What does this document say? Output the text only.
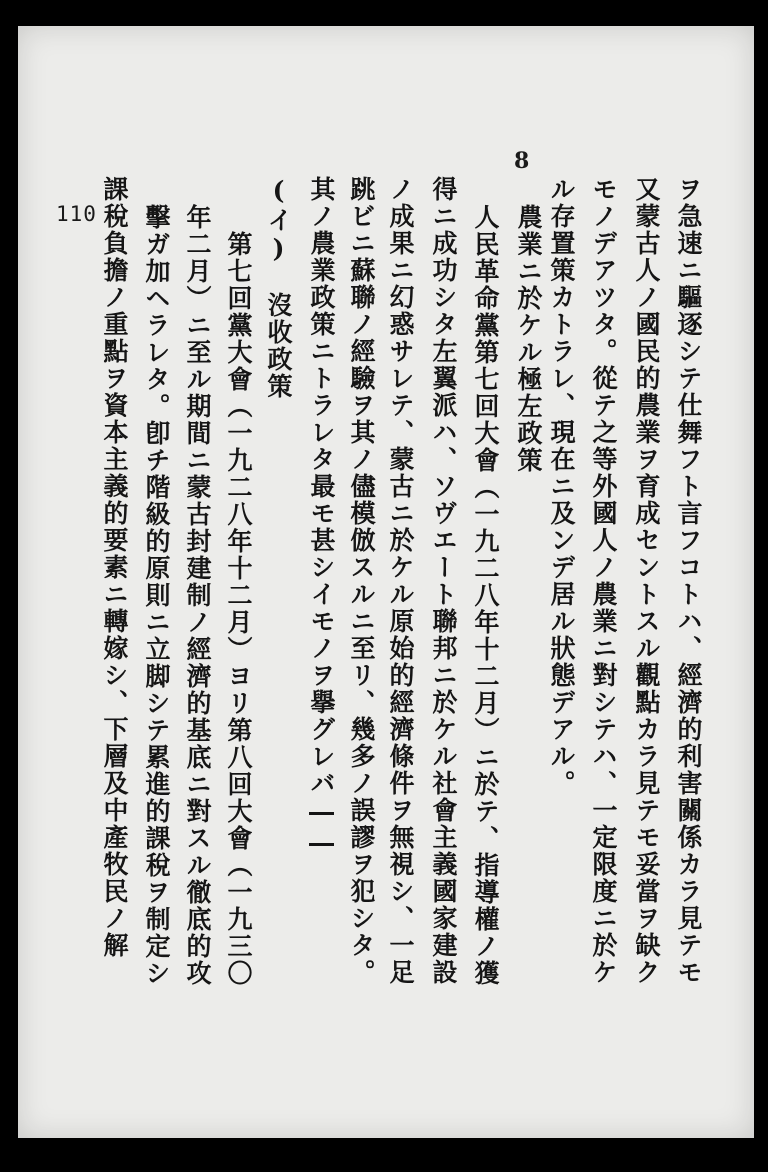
8
110	ヲ急速ニ驅逐シテ仕舞フト言フコトハ、經濟的利害關係カラ見テモ
又蒙古人ノ國民的農業ヲ育成セントスル觀點カラ見テモ妥當ヲ缺ク
モノデアツタ。從テ之等外國人ノ農業ニ對シテハ、一定限度ニ於ケ
ル存置策カトラレ、現在ニ及ンデ居ル狀態デアル。
農業ニ於ケル極左政策
人民革命黨第七回大會（一九二八年十二月）ニ於テ、指導權ノ獲
得ニ成功シタ左翼派ハ、ソヴエート聯邦ニ於ケル社會主義國家建設
ノ成果ニ幻惑サレテ、蒙古ニ於ケル原始的經濟條件ヲ無視シ、一足
跳ビニ蘇聯ノ經驗ヲ其ノ儘模倣スルニ至リ、幾多ノ誤謬ヲ犯シタ。
其ノ農業政策ニトラレタ最モ甚シイモノヲ擧グレバ――
(イ)　沒收政策
第七回黨大會（一九二八年十二月）ヨリ第八回大會（一九三〇
年二月）ニ至ル期間ニ蒙古封建制ノ經濟的基底ニ對スル徹底的攻
擊ガ加ヘラレタ。卽チ階級的原則ニ立脚シテ累進的課稅ヲ制定シ
課稅負擔ノ重點ヲ資本主義的要素ニ轉嫁シ、下層及中產牧民ノ解
